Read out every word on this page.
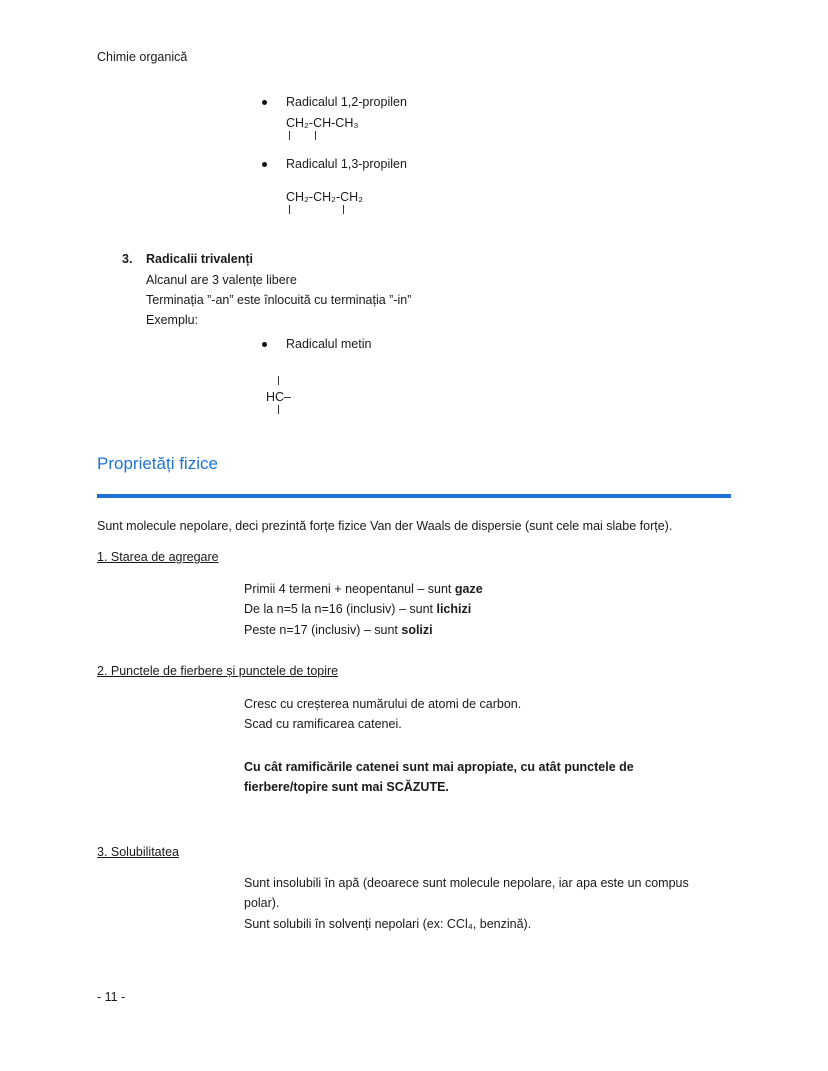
Chimie organică
Radicalul 1,2-propilen
CH₂-CH-CH₃
Radicalul 1,3-propilen
CH₂-CH₂-CH₂
3. Radicalii trivalenți
Alcanul are 3 valențe libere
Terminația ”-an” este înlocuită cu terminația ”-in”
Exemplu:
Radicalul metin
HC–
Proprietăți fizice
Sunt molecule nepolare, deci prezintă forțe fizice Van der Waals de dispersie (sunt cele mai slabe forțe).
1. Starea de agregare
Primii 4 termeni + neopentanul – sunt gaze
De la n=5 la n=16 (inclusiv) – sunt lichizi
Peste n=17 (inclusiv) – sunt solizi
2. Punctele de fierbere și punctele de topire
Cresc cu creșterea numărului de atomi de carbon.
Scad cu ramificarea catenei.
Cu cât ramificările catenei sunt mai apropiate, cu atât punctele de
fierbere/topire sunt mai SCĂZUTE.
3. Solubilitatea
Sunt insolubili în apă (deoarece sunt molecule nepolare, iar apa este un compus
polar).
Sunt solubili în solvenți nepolari (ex: CCl₄, benzină).
- 11 -
